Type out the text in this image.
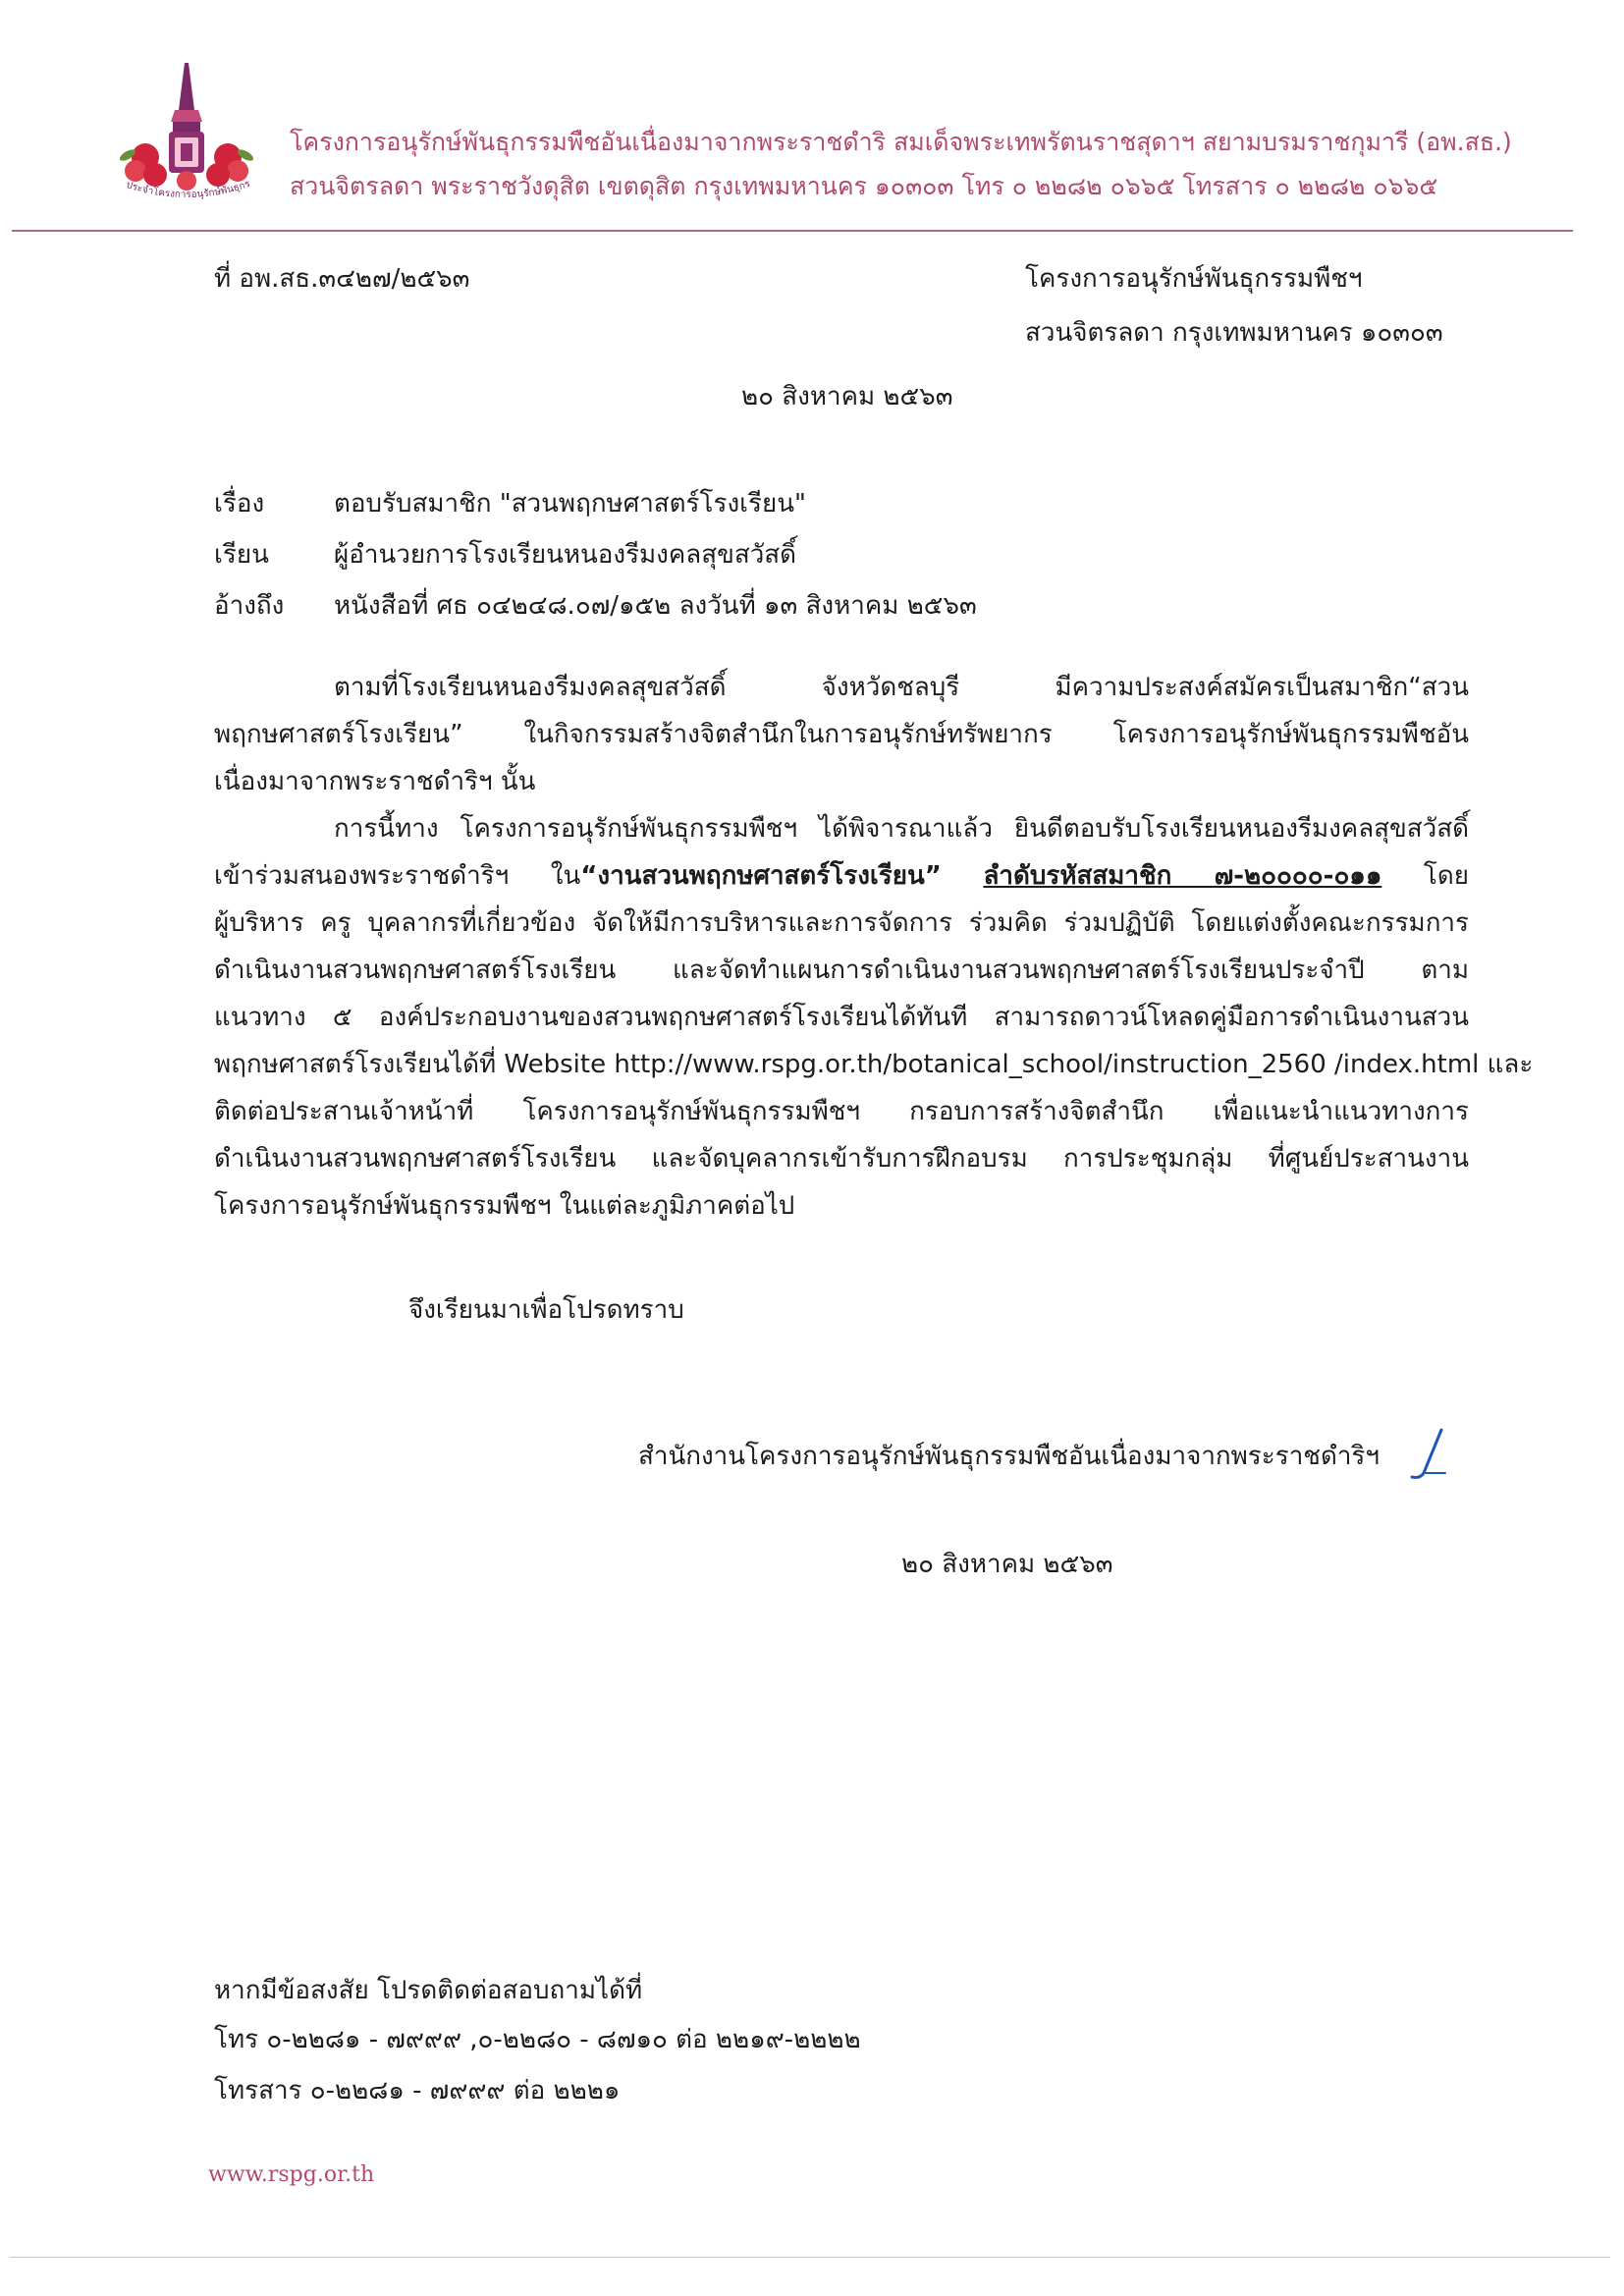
ประจำโครงการอนุรักษ์พันธุกร
โครงการอนุรักษ์พันธุกรรมพืชอันเนื่องมาจากพระราชดำริ สมเด็จพระเทพรัตนราชสุดาฯ สยามบรมราชกุมารี (อพ.สธ.)
สวนจิตรลดา พระราชวังดุสิต เขตดุสิต กรุงเทพมหานคร ๑๐๓๐๓ โทร ๐ ๒๒๘๒ ๐๖๖๕ โทรสาร ๐ ๒๒๘๒ ๐๖๖๕
ที่ อพ.สธ.๓๔๒๗/๒๕๖๓	โครงการอนุรักษ์พันธุกรรมพืชฯ
สวนจิตรลดา กรุงเทพมหานคร ๑๐๓๐๓
๒๐ สิงหาคม ๒๕๖๓
เรื่อง	ตอบรับสมาชิก "สวนพฤกษศาสตร์โรงเรียน"
เรียน	ผู้อำนวยการโรงเรียนหนองรีมงคลสุขสวัสดิ์
อ้างถึง หนังสือที่ ศธ ๐๔๒๔๘.๐๗/๑๕๒ ลงวันที่ ๑๓ สิงหาคม ๒๕๖๓
ตามที่โรงเรียนหนองรีมงคลสุขสวัสดิ์ จังหวัดชลบุรี มีความประสงค์สมัครเป็นสมาชิก“สวน
พฤกษศาสตร์โรงเรียน” ในกิจกรรมสร้างจิตสำนึกในการอนุรักษ์ทรัพยากร โครงการอนุรักษ์พันธุกรรมพืชอัน
เนื่องมาจากพระราชดำริฯ นั้น
การนี้ทาง โครงการอนุรักษ์พันธุกรรมพืชฯ ได้พิจารณาแล้ว ยินดีตอบรับโรงเรียนหนองรีมงคลสุขสวัสดิ์
เข้าร่วมสนองพระราชดำริฯ ใน“งานสวนพฤกษศาสตร์โรงเรียน” ลำดับรหัสสมาชิก ๗-๒๐๐๐๐-๐๑๑ โดย
ผู้บริหาร ครู บุคลากรที่เกี่ยวข้อง จัดให้มีการบริหารและการจัดการ ร่วมคิด ร่วมปฏิบัติ โดยแต่งตั้งคณะกรรมการ
ดำเนินงานสวนพฤกษศาสตร์โรงเรียน และจัดทำแผนการดำเนินงานสวนพฤกษศาสตร์โรงเรียนประจำปี ตาม
แนวทาง ๕ องค์ประกอบงานของสวนพฤกษศาสตร์โรงเรียนได้ทันที สามารถดาวน์โหลดคู่มือการดำเนินงานสวน
พฤกษศาสตร์โรงเรียนได้ที่ Website http://www.rspg.or.th/botanical_school/instruction_2560 /index.html และ
ติดต่อประสานเจ้าหน้าที่ โครงการอนุรักษ์พันธุกรรมพืชฯ กรอบการสร้างจิตสำนึก เพื่อแนะนำแนวทางการ
ดำเนินงานสวนพฤกษศาสตร์โรงเรียน และจัดบุคลากรเข้ารับการฝึกอบรม การประชุมกลุ่ม ที่ศูนย์ประสานงาน
โครงการอนุรักษ์พันธุกรรมพืชฯ ในแต่ละภูมิภาคต่อไป
จึงเรียนมาเพื่อโปรดทราบ
สำนักงานโครงการอนุรักษ์พันธุกรรมพืชอันเนื่องมาจากพระราชดำริฯ
๒๐ สิงหาคม ๒๕๖๓
หากมีข้อสงสัย โปรดติดต่อสอบถามได้ที่
โทร ๐-๒๒๘๑ - ๗๙๙๙ ,๐-๒๒๘๐ - ๘๗๑๐ ต่อ ๒๒๑๙-๒๒๒๒
โทรสาร ๐-๒๒๘๑ - ๗๙๙๙ ต่อ ๒๒๒๑
www.rspg.or.th
